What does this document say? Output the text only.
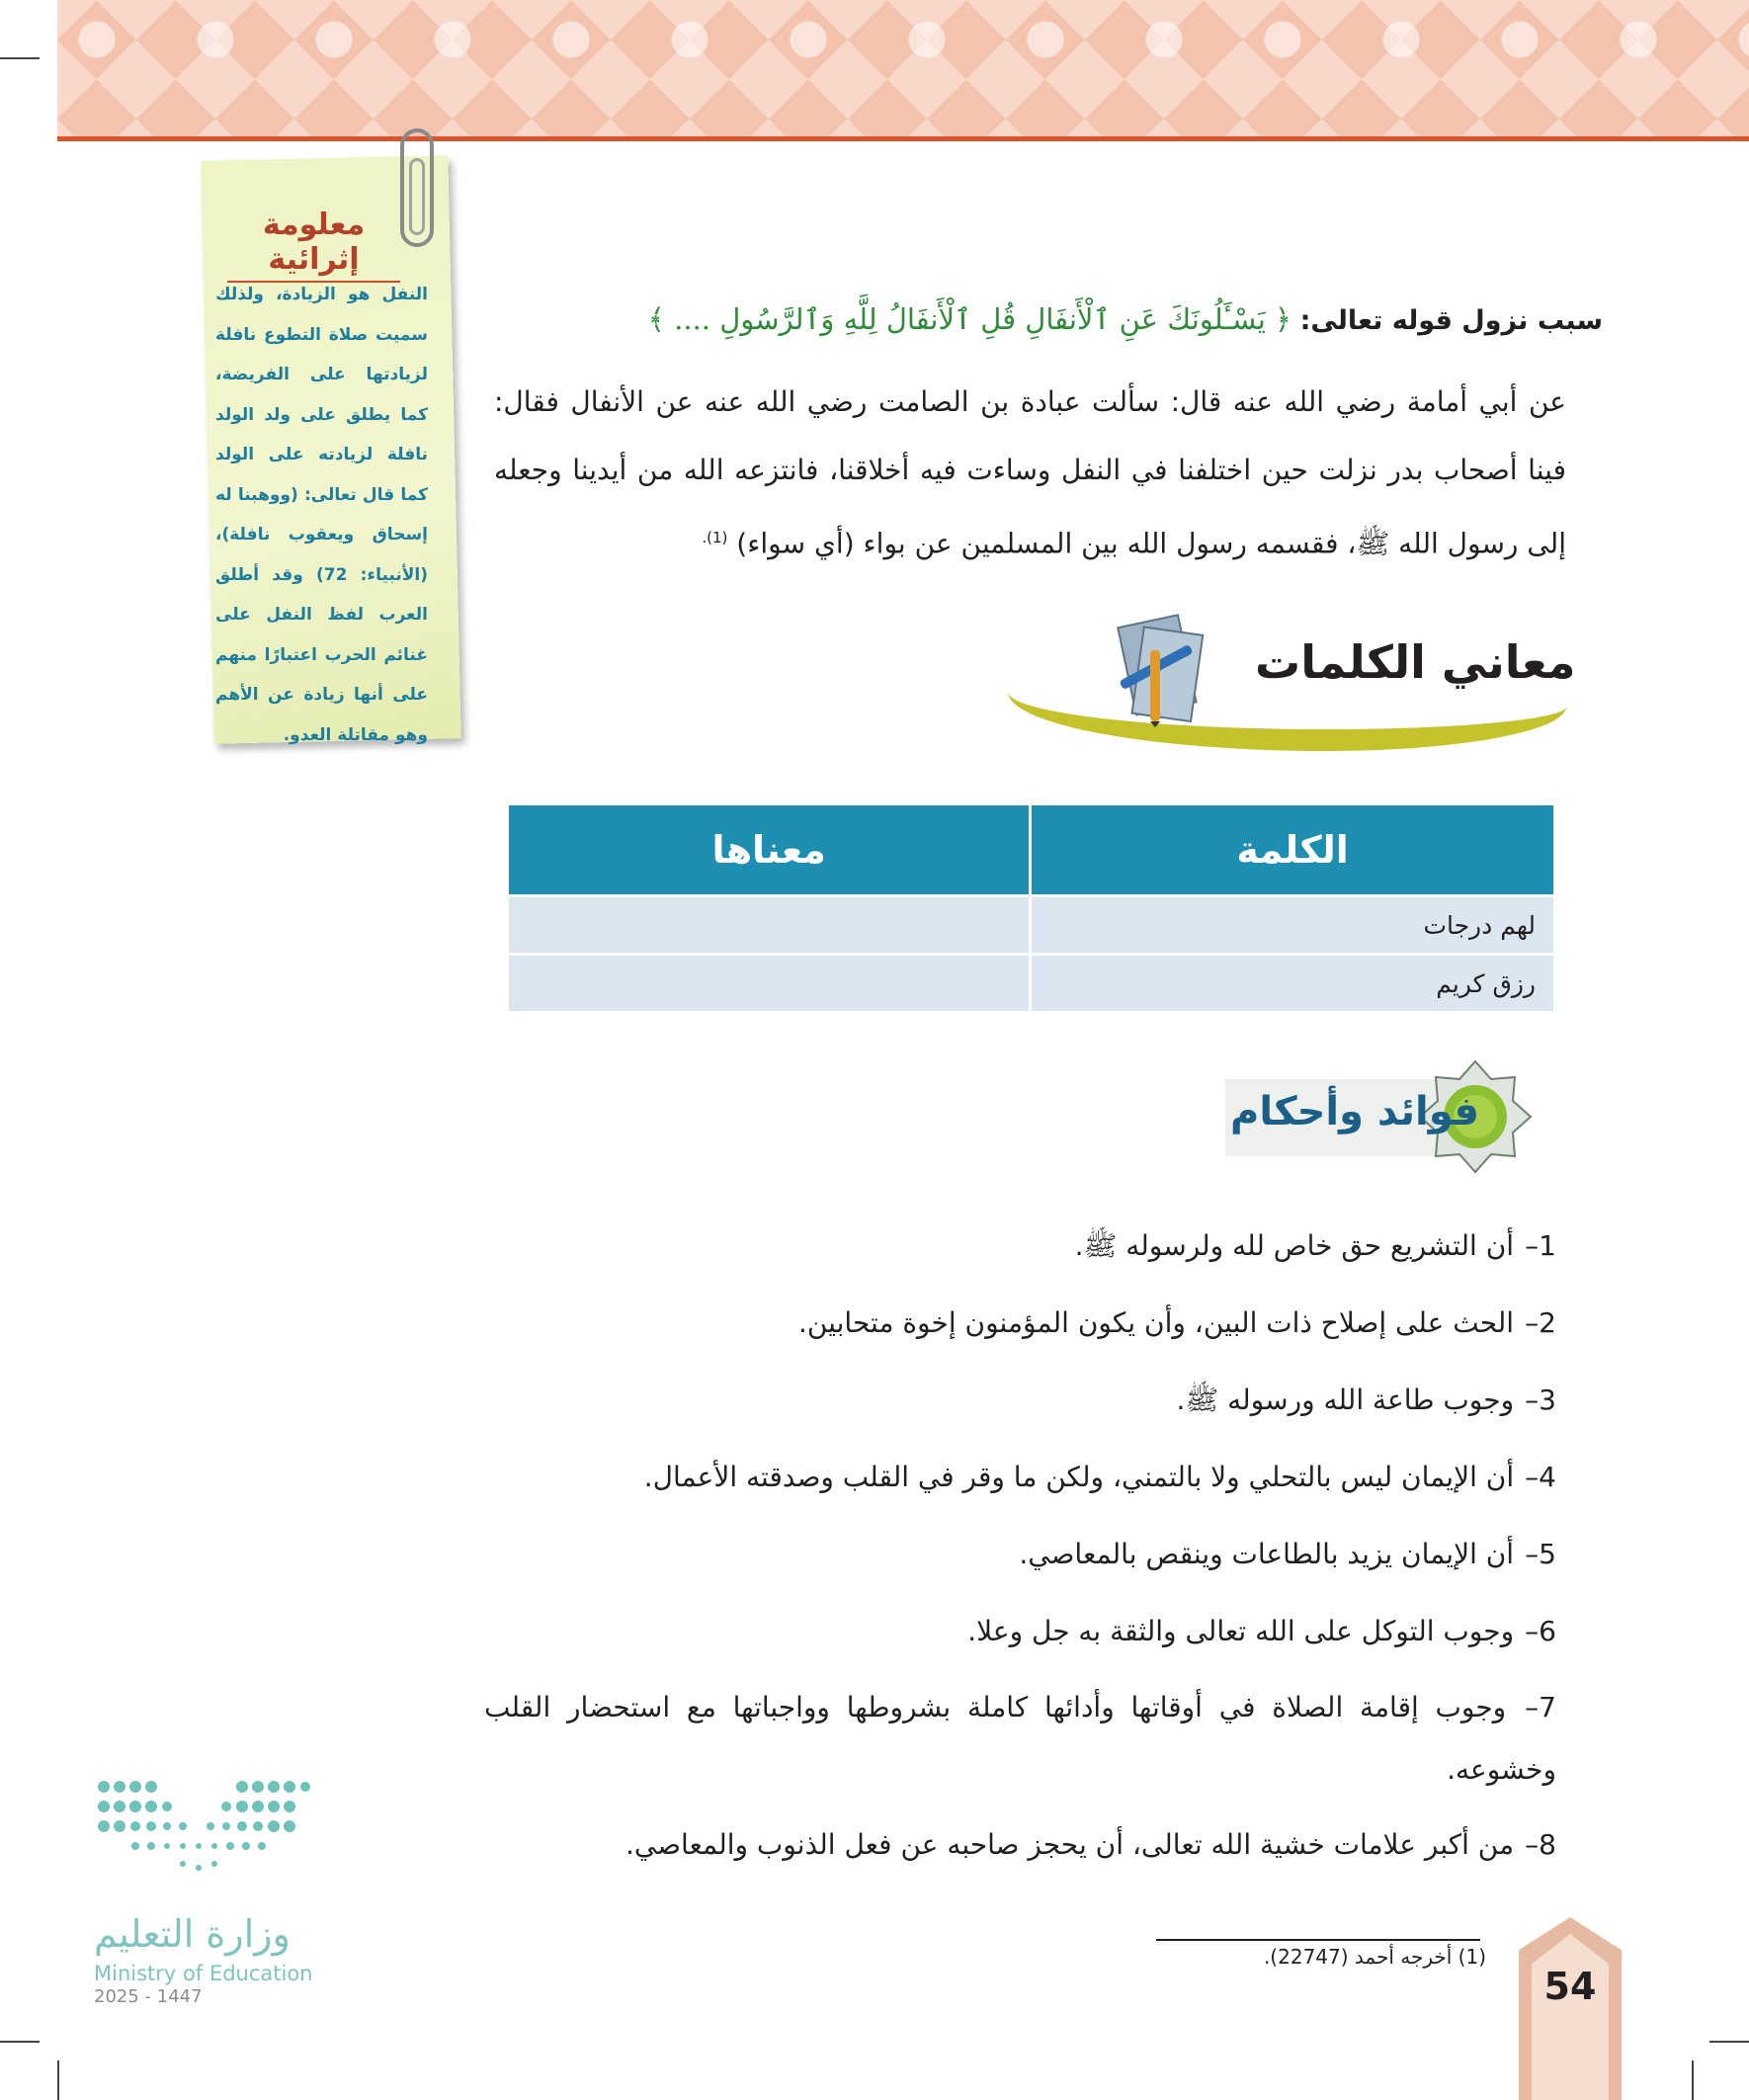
معلومة إثرائية
النفل هو الزيادة، ولذلك سميت صلاة التطوع نافلة لزيادتها على الفريضة، كما يطلق على ولد الولد نافلة لزيادته على الولد كما قال تعالى: (ووهبنا له إسحاق ويعقوب نافلة)، (الأنبياء: 72) وقد أطلق العرب لفظ النفل على غنائم الحرب اعتبارًا منهم على أنها زيادة عن الأهم وهو مقاتلة العدو.
سبب نزول قوله تعالى: ﴿ يَسْـَٔلُونَكَ عَنِ ٱلْأَنفَالِ قُلِ ٱلْأَنفَالُ لِلَّهِ وَٱلرَّسُولِ .... ﴾
عن أبي أمامة رضي الله عنه قال: سألت عبادة بن الصامت رضي الله عنه عن الأنفال فقال: فينا أصحاب بدر نزلت حين اختلفنا في النفل وساءت فيه أخلاقنا، فانتزعه الله من أيدينا وجعله إلى رسول الله ﷺ، فقسمه رسول الله بين المسلمين عن بواء (أي سواء) $^{(1).}$
معاني الكلمات
الكلمة	معناها
لهم درجات	
رزق كريم	
فوائد وأحكام
1– أن التشريع حق خاص لله ولرسوله ﷺ.
2– الحث على إصلاح ذات البين، وأن يكون المؤمنون إخوة متحابين.
3– وجوب طاعة الله ورسوله ﷺ.
4– أن الإيمان ليس بالتحلي ولا بالتمني، ولكن ما وقر في القلب وصدقته الأعمال.
5– أن الإيمان يزيد بالطاعات وينقص بالمعاصي.
6– وجوب التوكل على الله تعالى والثقة به جل وعلا.
7– وجوب إقامة الصلاة في أوقاتها وأدائها كاملة بشروطها وواجباتها مع استحضار القلب وخشوعه.
8– من أكبر علامات خشية الله تعالى، أن يحجز صاحبه عن فعل الذنوب والمعاصي.
(1) أخرجه أحمد (22747).
54
وزارة التعليم
Ministry of Education
2025 - 1447
